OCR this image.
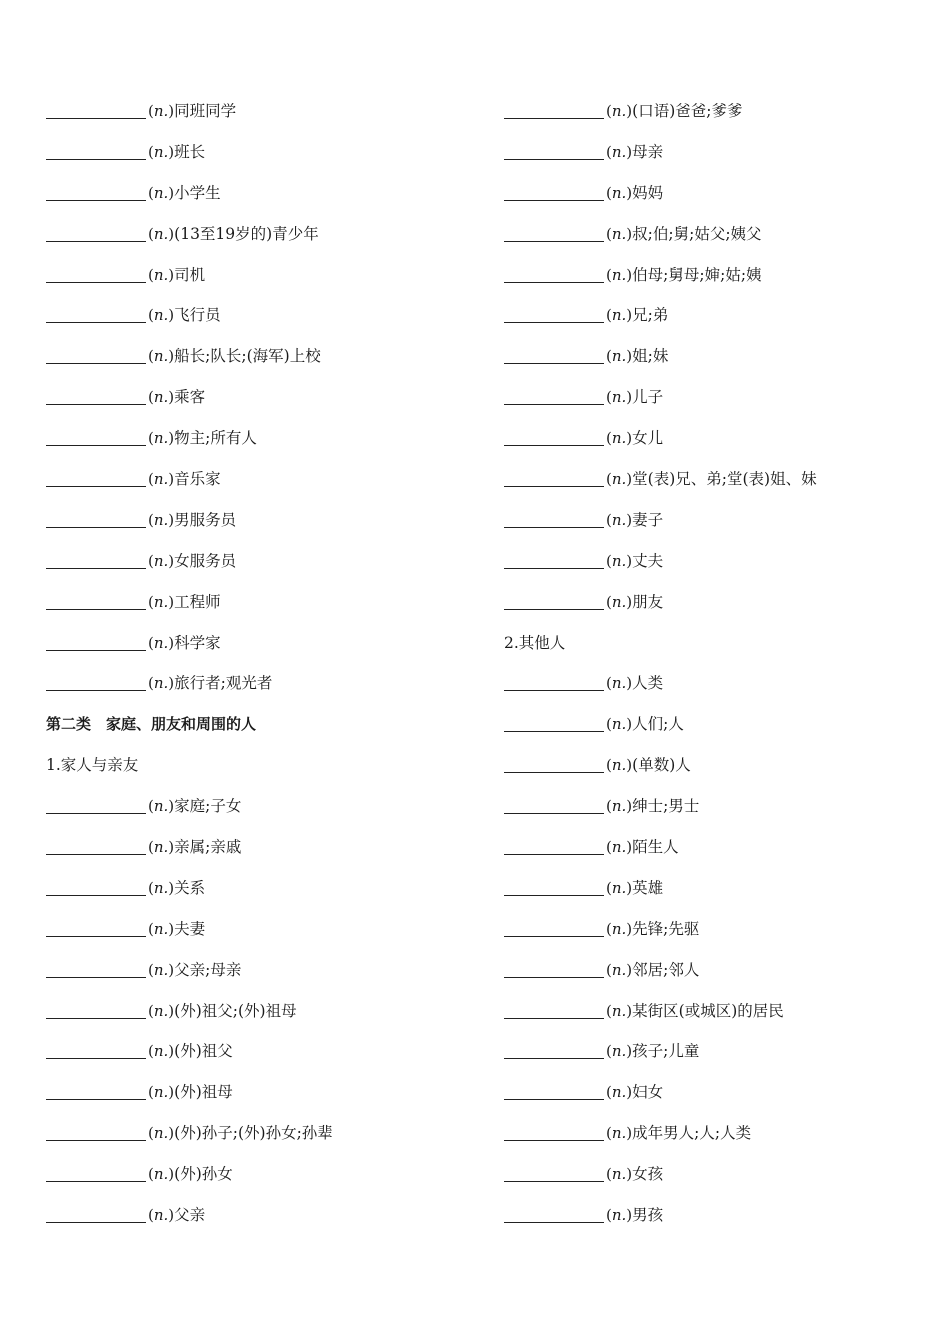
(n.) 同班同学
(n.) 班长
(n.) 小学生
(n.) (13至19岁的)青少年
(n.) 司机
(n.) 飞行员
(n.) 船长;队长;(海军)上校
(n.) 乘客
(n.) 物主;所有人
(n.) 音乐家
(n.) 男服务员
(n.) 女服务员
(n.) 工程师
(n.) 科学家
(n.) 旅行者;观光者
第二类　家庭、朋友和周围的人
1.家人与亲友
(n.) 家庭;子女
(n.) 亲属;亲戚
(n.) 关系
(n.) 夫妻
(n.) 父亲;母亲
(n.) (外)祖父;(外)祖母
(n.) (外)祖父
(n.) (外)祖母
(n.) (外)孙子;(外)孙女;孙辈
(n.) (外)孙女
(n.) 父亲
(n.) (口语)爸爸;爹爹
(n.) 母亲
(n.) 妈妈
(n.) 叔;伯;舅;姑父;姨父
(n.) 伯母;舅母;婶;姑;姨
(n.) 兄;弟
(n.) 姐;妹
(n.) 儿子
(n.) 女儿
(n.) 堂(表)兄、弟;堂(表)姐、妹
(n.) 妻子
(n.) 丈夫
(n.) 朋友
2.其他人
(n.) 人类
(n.) 人们;人
(n.) (单数)人
(n.) 绅士;男士
(n.) 陌生人
(n.) 英雄
(n.) 先锋;先驱
(n.) 邻居;邻人
(n.) 某街区(或城区)的居民
(n.) 孩子;儿童
(n.) 妇女
(n.) 成年男人;人;人类
(n.) 女孩
(n.) 男孩
